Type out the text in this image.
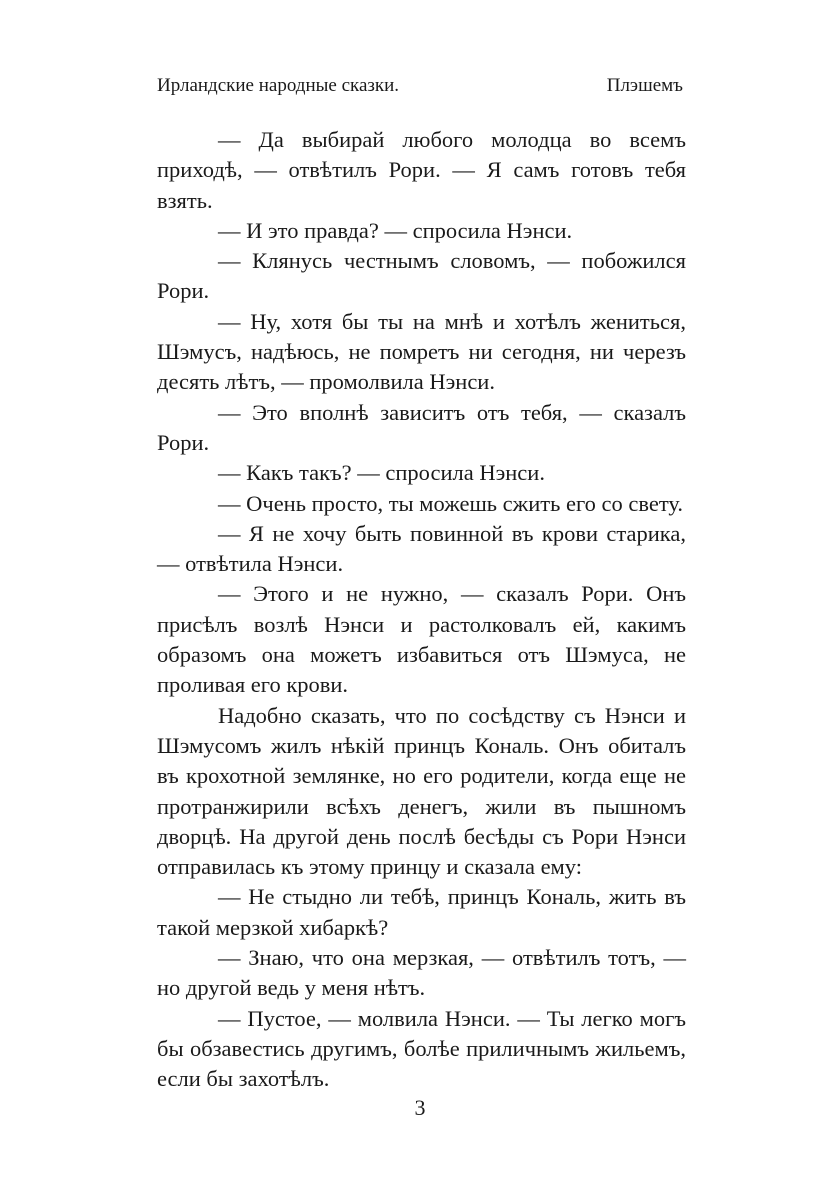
Ирландские народные сказки.	Плэшемъ

— Да выбирай любого молодца во всемъ приходѣ, — отвѣтилъ Рори. — Я самъ готовъ тебя взять.

— И это правда? — спросила Нэнси.

— Клянусь честнымъ словомъ, — побожился Рори.

— Ну, хотя бы ты на мнѣ и хотѣлъ жениться, Шэмусъ, надѣюсь, не помретъ ни сегодня, ни черезъ десять лѣтъ, — промолвила Нэнси.

— Это вполнѣ зависитъ отъ тебя, — сказалъ Рори.

— Какъ такъ? — спросила Нэнси.

— Очень просто, ты можешь сжить его со свету.

— Я не хочу быть повинной въ крови старика, — отвѣтила Нэнси.

— Этого и не нужно, — сказалъ Рори. Онъ присѣлъ возлѣ Нэнси и растолковалъ ей, какимъ образомъ она можетъ избавиться отъ Шэмуса, не проливая его крови.

Надобно сказать, что по сосѣдству съ Нэнси и Шэмусомъ жилъ нѣкій принцъ Кональ. Онъ обиталъ въ крохотной землянке, но его родители, когда еще не протранжирили всѣхъ денегъ, жили въ пышномъ дворцѣ. На другой день послѣ бесѣды съ Рори Нэнси отправилась къ этому принцу и сказала ему:

— Не стыдно ли тебѣ, принцъ Кональ, жить въ такой мерзкой хибаркѣ?

— Знаю, что она мерзкая, — отвѣтилъ тотъ, — но другой ведь у меня нѣтъ.

— Пустое, — молвила Нэнси. — Ты легко могъ бы обзавестись другимъ, болѣе приличнымъ жильемъ, если бы захотѣлъ.

3
